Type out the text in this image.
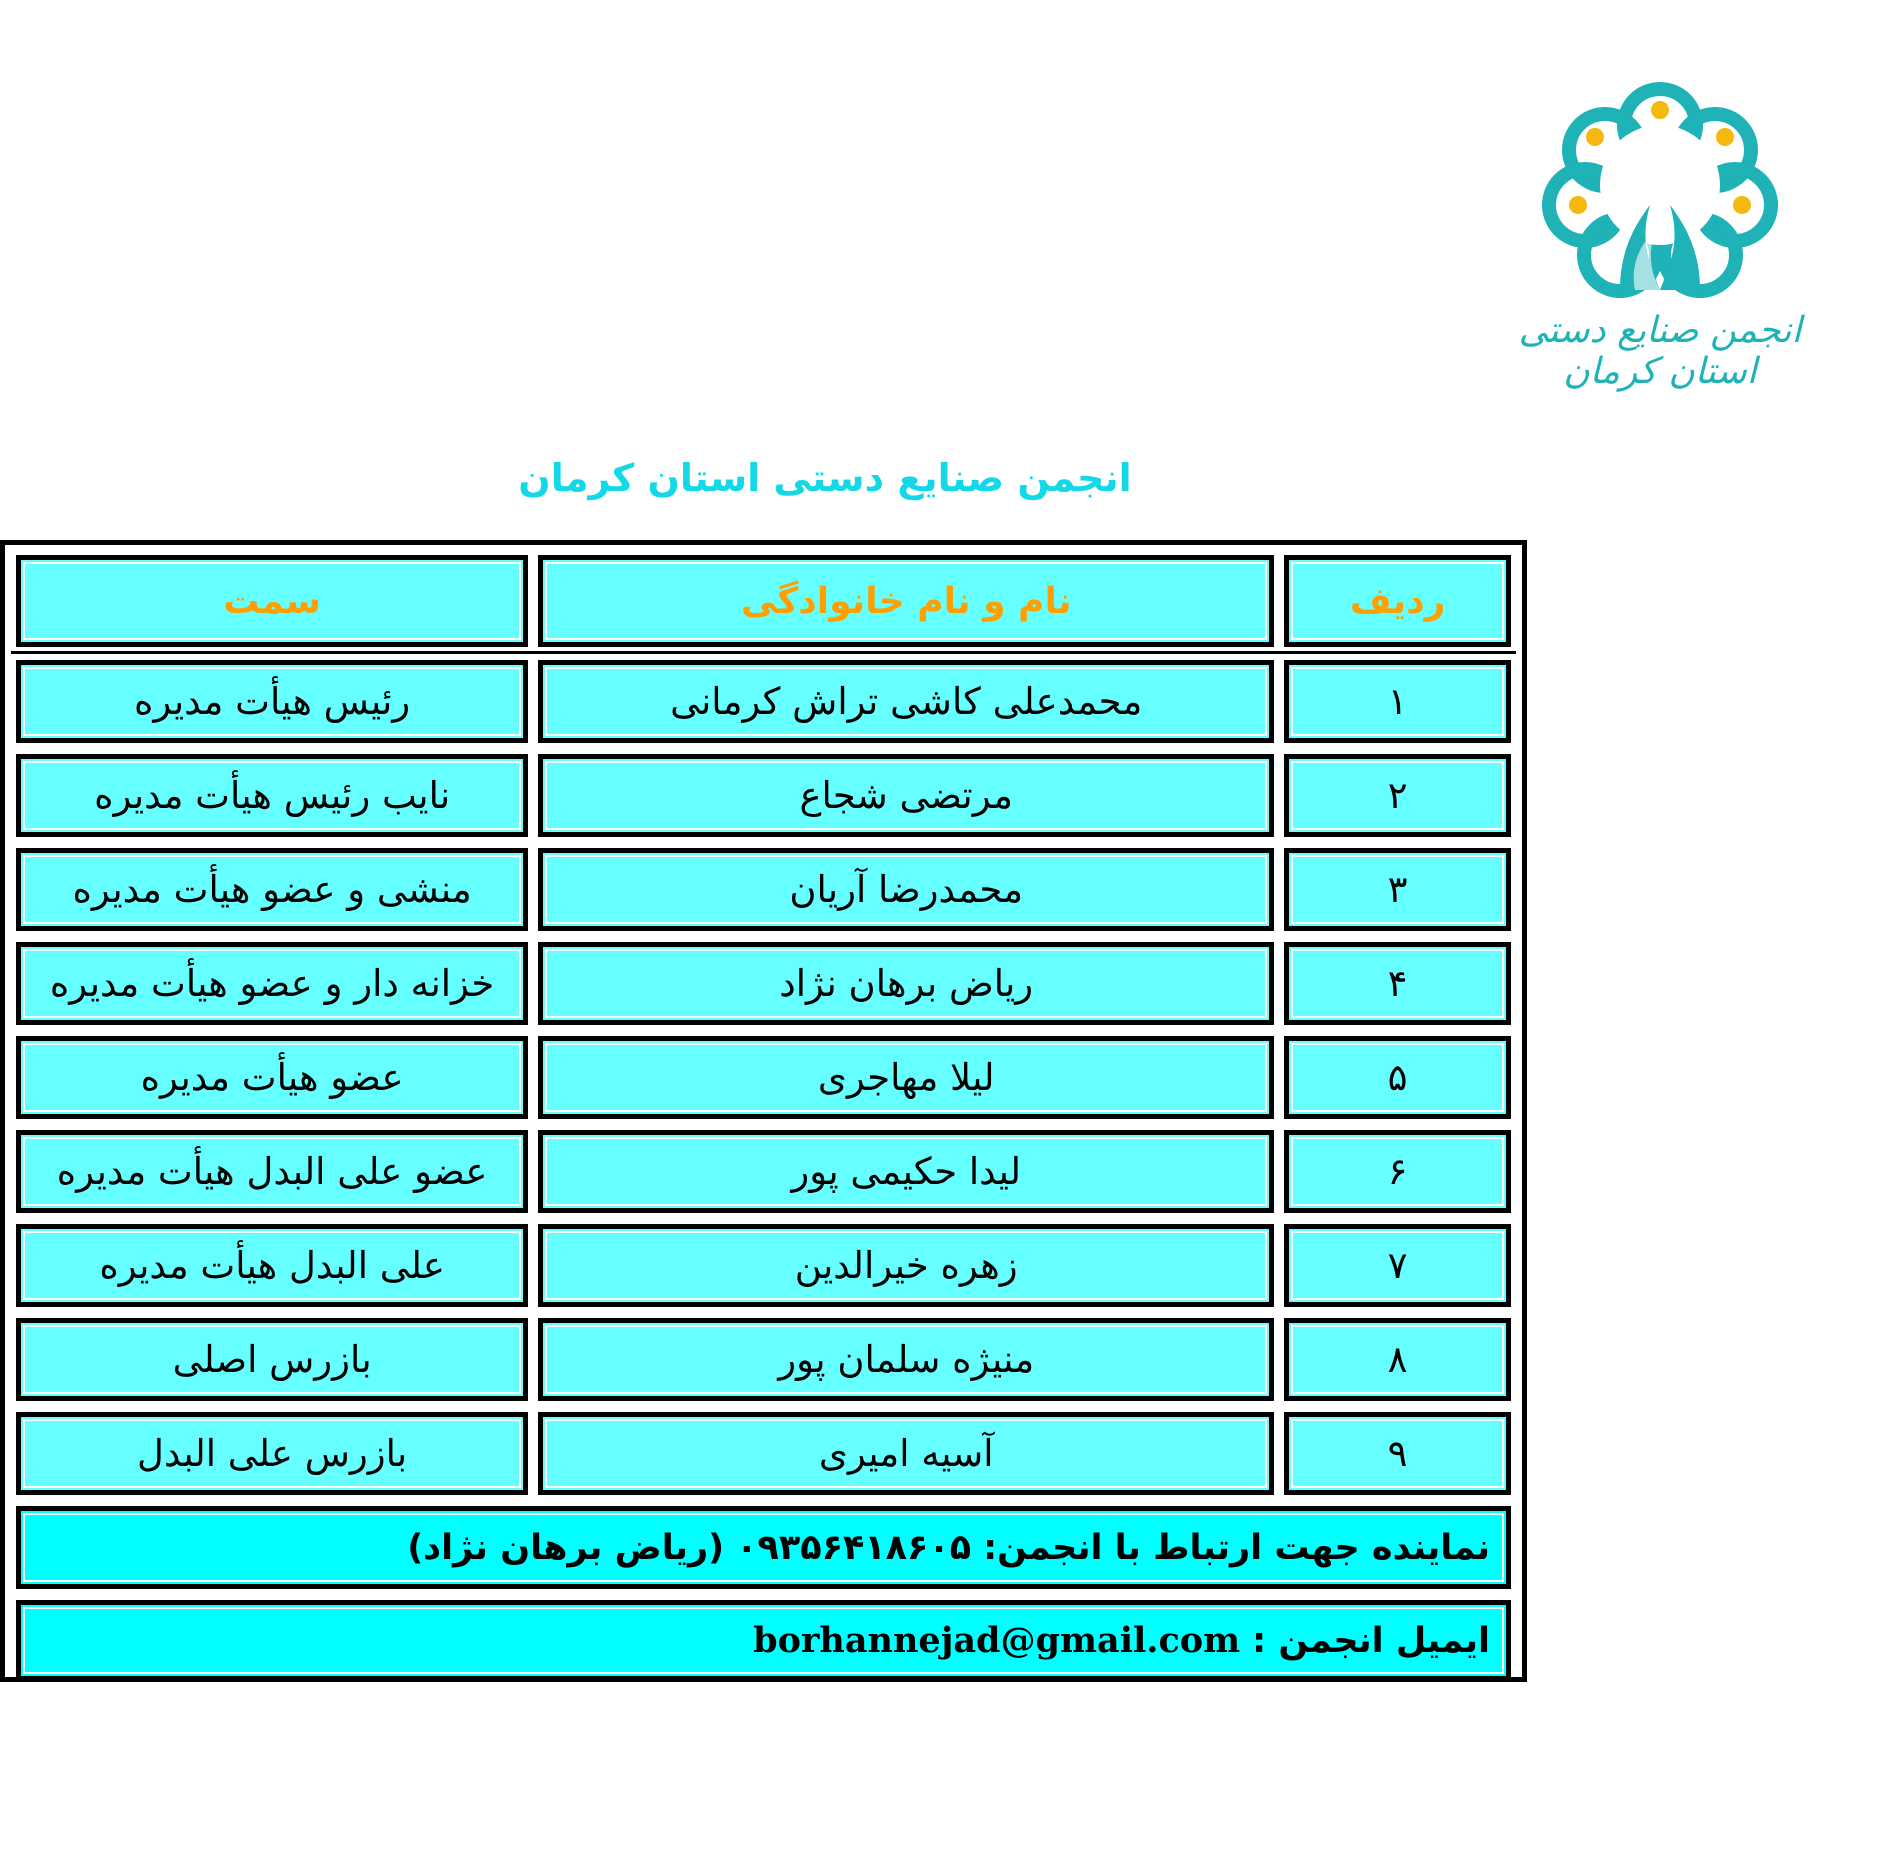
انجمن صنایع دستی استان کرمان
انجمن صنایع دستی استان کرمان
ردیف
نام و نام خانوادگی
سمت
۱
محمدعلی کاشی تراش کرمانی
رئیس هیأت مدیره
۲
مرتضی شجاع
نایب رئیس هیأت مدیره
۳
محمدرضا آریان
منشی و عضو هیأت مدیره
۴
ریاض برهان نژاد
خزانه دار و عضو هیأت مدیره
۵
لیلا مهاجری
عضو هیأت مدیره
۶
لیدا حکیمی پور
عضو علی البدل هیأت مدیره
۷
زهره خیرالدین
علی البدل هیأت مدیره
۸
منیژه سلمان پور
بازرس اصلی
۹
آسیه امیری
بازرس علی البدل
نماینده جهت ارتباط با انجمن:
۰۹۳۵۶۴۱۸۶۰۵
(ریاض برهان نژاد)
ایمیل انجمن :
borhannejad@gmail.com
